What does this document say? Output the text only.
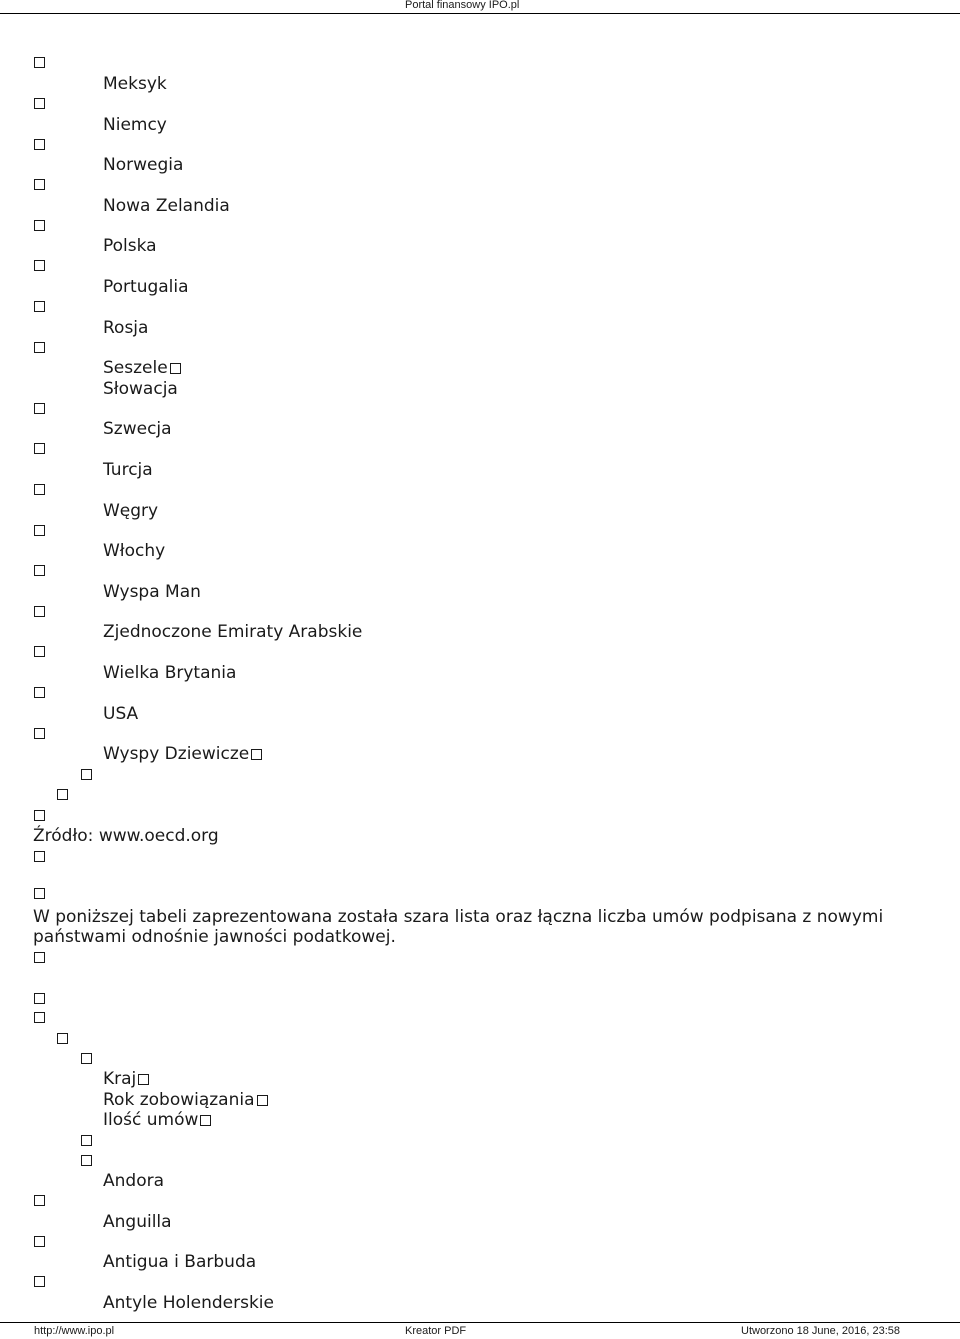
Portal finansowy IPO.pl
Meksyk
Niemcy
Norwegia
Nowa Zelandia
Polska
Portugalia
Rosja
Seszele
Słowacja
Szwecja
Turcja
Węgry
Włochy
Wyspa Man
Zjednoczone Emiraty Arabskie
Wielka Brytania
USA
Wyspy Dziewicze
Źródło: www.oecd.org
W poniższej tabeli zaprezentowana została szara lista oraz łączna liczba umów podpisana z nowymi państwami odnośnie jawności podatkowej.
Kraj
Rok zobowiązania
Ilość umów
Andora
Anguilla
Antigua i Barbuda
Antyle Holenderskie
http://www.ipo.pl	Kreator PDF	Utworzono 18 June, 2016, 23:58
